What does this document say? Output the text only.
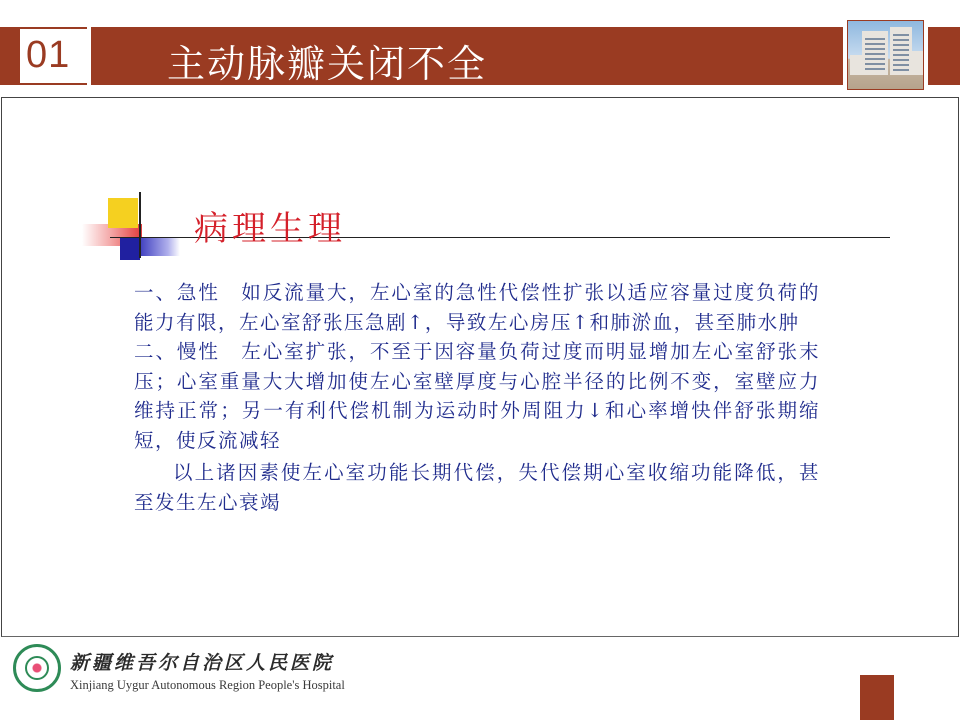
01	主动脉瓣关闭不全
病理生理

一、急性　如反流量大，左心室的急性代偿性扩张以适应容量过度负荷的能力有限，左心室舒张压急剧↑，导致左心房压↑和肺淤血，甚至肺水肿

二、慢性　左心室扩张，不至于因容量负荷过度而明显增加左心室舒张末压；心室重量大大增加使左心室壁厚度与心腔半径的比例不变，室壁应力维持正常；另一有利代偿机制为运动时外周阻力↓和心率增快伴舒张期缩短，使反流减轻

以上诸因素使左心室功能长期代偿，失代偿期心室收缩功能降低，甚至发生左心衰竭

新疆维吾尔自治区人民医院
Xinjiang Uygur Autonomous Region People's Hospital
